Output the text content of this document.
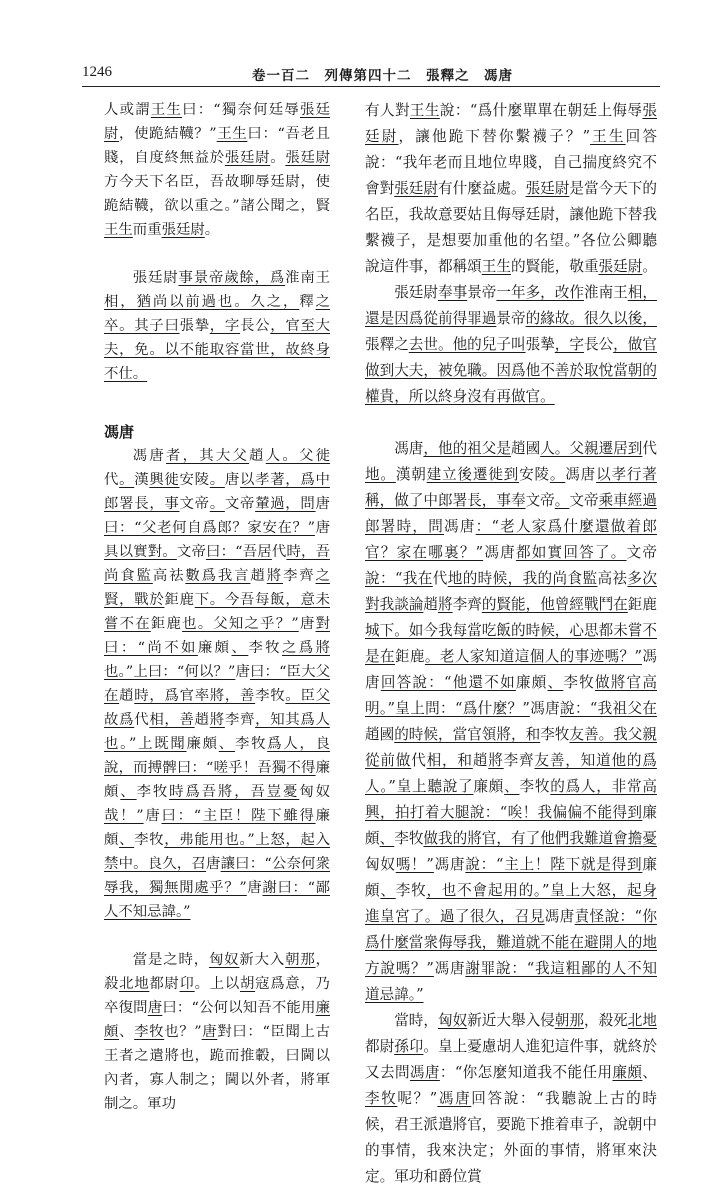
1246	卷一百二　列傳第四十二　張釋之　馮唐

人或謂王生曰：“獨奈何廷辱張廷尉，使跪結韈？”王生曰：“吾老且賤，自度終無益於張廷尉。張廷尉方今天下名臣，吾故聊辱廷尉，使跪結韈，欲以重之。”諸公聞之，賢王生而重張廷尉。

張廷尉事景帝歲餘，爲淮南王相，猶尚以前過也。久之，釋之卒。其子曰張摯，字長公，官至大夫，免。以不能取容當世，故終身不仕。

馮唐

馮唐者，其大父趙人。父徙代。漢興徙安陵。唐以孝著，爲中郎署長，事文帝。文帝輦過，問唐曰：“父老何自爲郎？家安在？”唐具以實對。文帝曰：“吾居代時，吾尚食監高祛數爲我言趙將李齊之賢，戰於鉅鹿下。今吾每飯，意未嘗不在鉅鹿也。父知之乎？”唐對曰：“尚不如廉頗、李牧之爲將也。”上曰：“何以？”唐曰：“臣大父在趙時，爲官率將，善李牧。臣父故爲代相，善趙將李齊，知其爲人也。”上既聞廉頗、李牧爲人，良說，而搏髀曰：“嗟乎！吾獨不得廉頗、李牧時爲吾將，吾豈憂匈奴哉！”唐曰：“主臣！陛下雖得廉頗、李牧，弗能用也。”上怒，起入禁中。良久，召唐讓曰：“公奈何衆辱我，獨無閒處乎？”唐謝曰：“鄙人不知忌諱。”

當是之時，匈奴新大入朝那，殺北地都尉卬。上以胡寇爲意，乃卒復問唐曰：“公何以知吾不能用廉頗、李牧也？”唐對曰：“臣聞上古王者之遣將也，跪而推轂，曰閫以內者，寡人制之；閫以外者，將軍制之。軍功

有人對王生說：“爲什麼單單在朝廷上侮辱張廷尉，讓他跪下替你繫襪子？”王生回答說：“我年老而且地位卑賤，自己揣度終究不會對張廷尉有什麼益處。張廷尉是當今天下的名臣，我故意要姑且侮辱廷尉，讓他跪下替我繫襪子，是想要加重他的名望。”各位公卿聽說這件事，都稱頌王生的賢能，敬重張廷尉。

張廷尉奉事景帝一年多，改作淮南王相，還是因爲從前得罪過景帝的緣故。很久以後，張釋之去世。他的兒子叫張摯，字長公，做官做到大夫，被免職。因爲他不善於取悅當朝的權貴，所以終身沒有再做官。

馮唐，他的祖父是趙國人。父親遷居到代地。漢朝建立後遷徙到安陵。馮唐以孝行著稱，做了中郎署長，事奉文帝。文帝乘車經過郎署時，問馮唐：“老人家爲什麼還做着郎官？家在哪裏？”馮唐都如實回答了。文帝說：“我在代地的時候，我的尚食監高祛多次對我談論趙將李齊的賢能，他曾經戰鬥在鉅鹿城下。如今我每當吃飯的時候，心思都未嘗不是在鉅鹿。老人家知道這個人的事迹嗎？”馮唐回答說：“他還不如廉頗、李牧做將官高明。”皇上問：“爲什麼？”馮唐說：“我祖父在趙國的時候，當官領將，和李牧友善。我父親從前做代相，和趙將李齊友善，知道他的爲人。”皇上聽說了廉頗、李牧的爲人，非常高興，拍打着大腿說：“唉！我偏偏不能得到廉頗、李牧做我的將官，有了他們我難道會擔憂匈奴嗎！”馮唐說：“主上！陛下就是得到廉頗、李牧，也不會起用的。”皇上大怒，起身進皇宮了。過了很久，召見馮唐責怪說：“你爲什麼當衆侮辱我，難道就不能在避開人的地方說嗎？”馮唐謝罪說：“我這粗鄙的人不知道忌諱。”

當時，匈奴新近大舉入侵朝那，殺死北地都尉孫卬。皇上憂慮胡人進犯這件事，就終於又去問馮唐：“你怎麼知道我不能任用廉頗、李牧呢？”馮唐回答說：“我聽說上古的時候，君王派遣將官，要跪下推着車子，說朝中的事情，我來決定；外面的事情，將軍來決定。軍功和爵位賞
